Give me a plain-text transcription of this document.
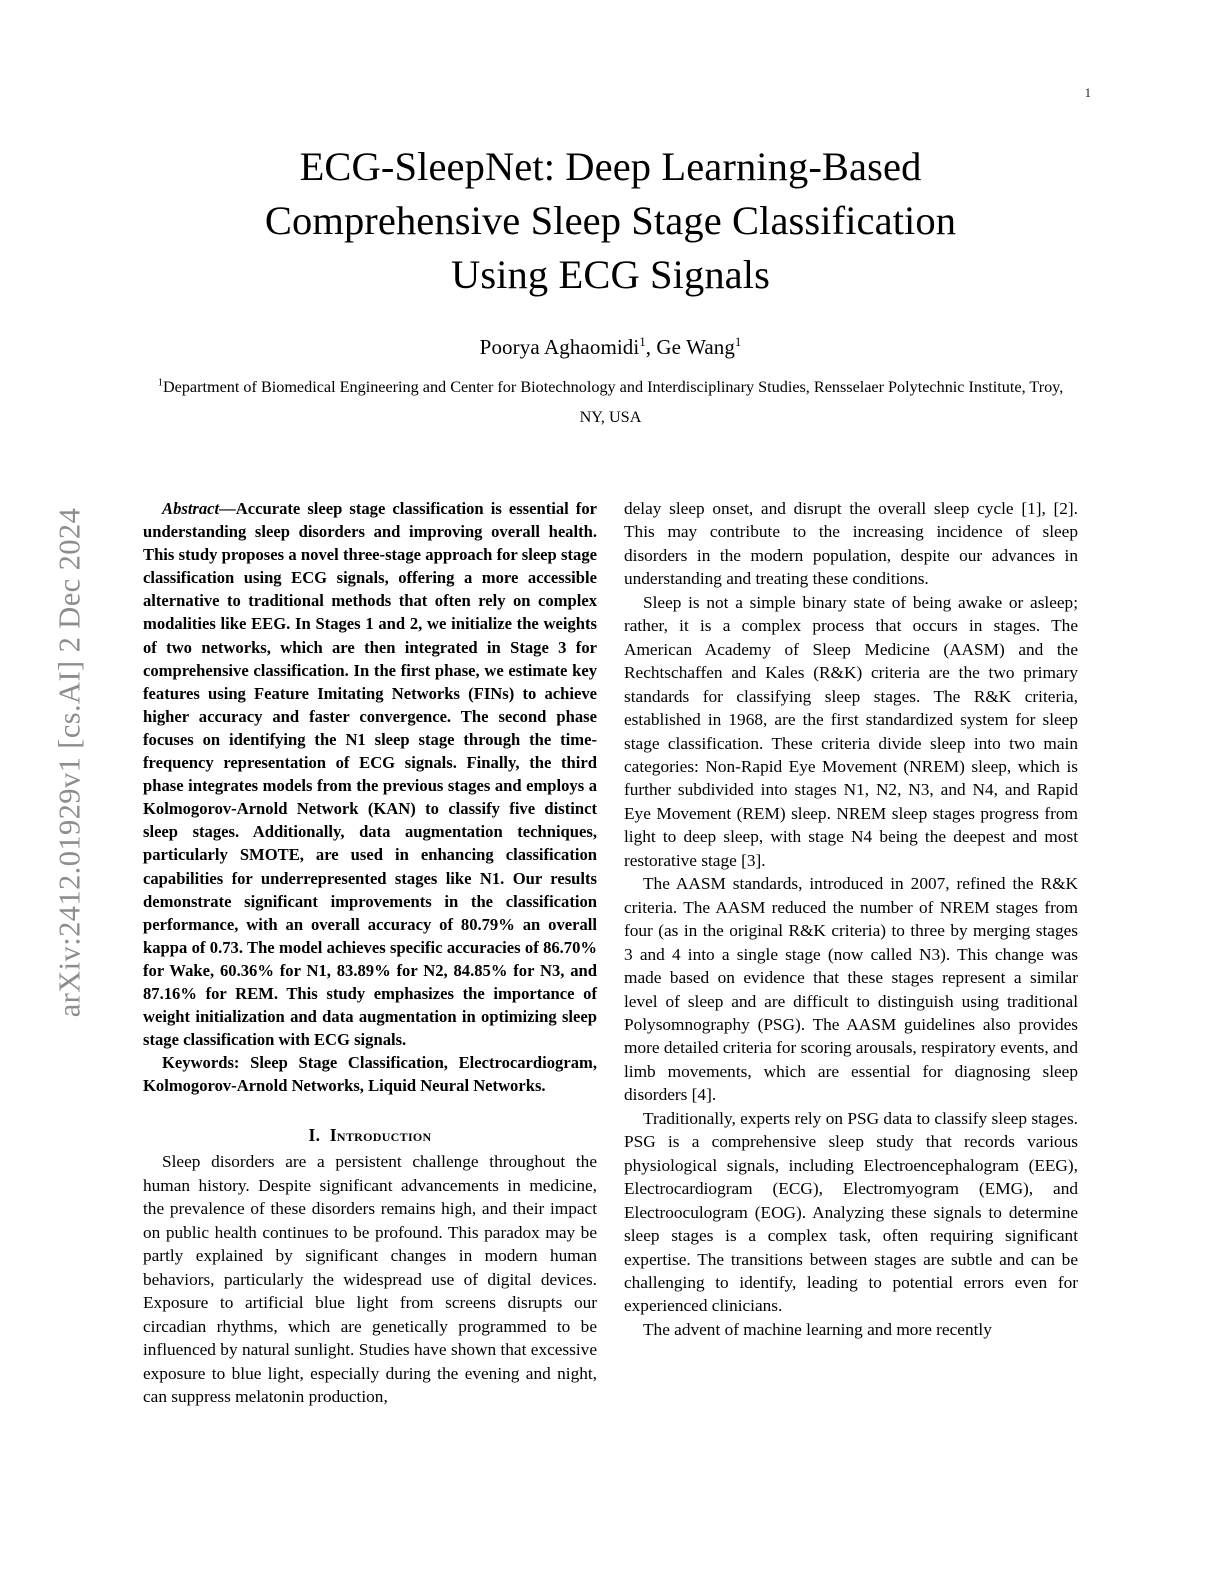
arXiv:2412.01929v1 [cs.AI] 2 Dec 2024
1
ECG-SleepNet: Deep Learning-Based
Comprehensive Sleep Stage Classification
Using ECG Signals
Poorya Aghaomidi$^1$, Ge Wang$^1$
$^1$Department of Biomedical Engineering and Center for Biotechnology and Interdisciplinary Studies, Rensselaer Polytechnic Institute, Troy, NY, USA

Abstract—Accurate sleep stage classification is essential for understanding sleep disorders and improving overall health. This study proposes a novel three-stage approach for sleep stage classification using ECG signals, offering a more accessible alternative to traditional methods that often rely on complex modalities like EEG. In Stages 1 and 2, we initialize the weights of two networks, which are then integrated in Stage 3 for comprehensive classification. In the first phase, we estimate key features using Feature Imitating Networks (FINs) to achieve higher accuracy and faster convergence. The second phase focuses on identifying the N1 sleep stage through the time-frequency representation of ECG signals. Finally, the third phase integrates models from the previous stages and employs a Kolmogorov-Arnold Network (KAN) to classify five distinct sleep stages. Additionally, data augmentation techniques, particularly SMOTE, are used in enhancing classification capabilities for underrepresented stages like N1. Our results demonstrate significant improvements in the classification performance, with an overall accuracy of 80.79% an overall kappa of 0.73. The model achieves specific accuracies of 86.70% for Wake, 60.36% for N1, 83.89% for N2, 84.85% for N3, and 87.16% for REM. This study emphasizes the importance of weight initialization and data augmentation in optimizing sleep stage classification with ECG signals.

Keywords: Sleep Stage Classification, Electrocardiogram, Kolmogorov-Arnold Networks, Liquid Neural Networks.

I. Introduction

Sleep disorders are a persistent challenge throughout the human history. Despite significant advancements in medicine, the prevalence of these disorders remains high, and their impact on public health continues to be profound. This paradox may be partly explained by significant changes in modern human behaviors, particularly the widespread use of digital devices. Exposure to artificial blue light from screens disrupts our circadian rhythms, which are genetically programmed to be influenced by natural sunlight. Studies have shown that excessive exposure to blue light, especially during the evening and night, can suppress melatonin production,

delay sleep onset, and disrupt the overall sleep cycle [1], [2]. This may contribute to the increasing incidence of sleep disorders in the modern population, despite our advances in understanding and treating these conditions.

Sleep is not a simple binary state of being awake or asleep; rather, it is a complex process that occurs in stages. The American Academy of Sleep Medicine (AASM) and the Rechtschaffen and Kales (R&K) criteria are the two primary standards for classifying sleep stages. The R&K criteria, established in 1968, are the first standardized system for sleep stage classification. These criteria divide sleep into two main categories: Non-Rapid Eye Movement (NREM) sleep, which is further subdivided into stages N1, N2, N3, and N4, and Rapid Eye Movement (REM) sleep. NREM sleep stages progress from light to deep sleep, with stage N4 being the deepest and most restorative stage [3].

The AASM standards, introduced in 2007, refined the R&K criteria. The AASM reduced the number of NREM stages from four (as in the original R&K criteria) to three by merging stages 3 and 4 into a single stage (now called N3). This change was made based on evidence that these stages represent a similar level of sleep and are difficult to distinguish using traditional Polysomnography (PSG). The AASM guidelines also provides more detailed criteria for scoring arousals, respiratory events, and limb movements, which are essential for diagnosing sleep disorders [4].

Traditionally, experts rely on PSG data to classify sleep stages. PSG is a comprehensive sleep study that records various physiological signals, including Electroencephalogram (EEG), Electrocardiogram (ECG), Electromyogram (EMG), and Electrooculogram (EOG). Analyzing these signals to determine sleep stages is a complex task, often requiring significant expertise. The transitions between stages are subtle and can be challenging to identify, leading to potential errors even for experienced clinicians.

The advent of machine learning and more recently
